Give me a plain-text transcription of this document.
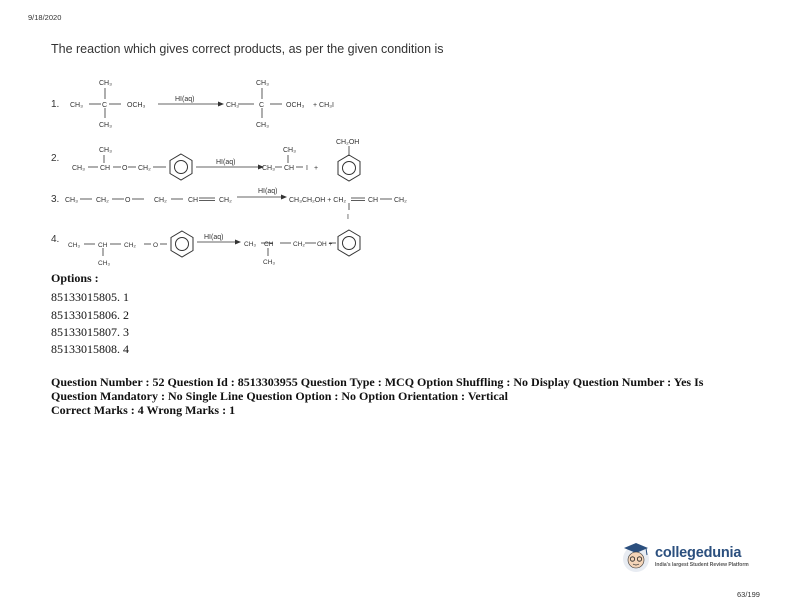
9/18/2020
The reaction which gives correct products, as per the given condition is
1.
CH₃
CH₃	C	OCH₃
CH₃
HI(aq)
CH₃
CH₃
C	OCH₃
CH₃
+ CH₃I
2.
CH₃
CH₃ CH O CH₂
HI(aq)
CH₃
CH₃ CH I +
CH₂OH
3. CH₃	CH₂ O	CH₂	CH	CH₂
HI(aq)
CH₃CH₂OH + CH₂	CH CH₂
I
4.
CH₃	CH	CH₂	O
CH₃
HI(aq)
CH₃ CH	CH₂ OH +
CH₃
Options :
85133015805. 1
85133015806. 2
85133015807. 3
85133015808. 4
Question Number : 52 Question Id : 8513303955 Question Type : MCQ Option Shuffling : No Display Question Number : Yes Is
Question Mandatory : No Single Line Question Option : No Option Orientation : Vertical
Correct Marks : 4 Wrong Marks : 1
collegedunia
India's largest Student Review Platform
63/199
